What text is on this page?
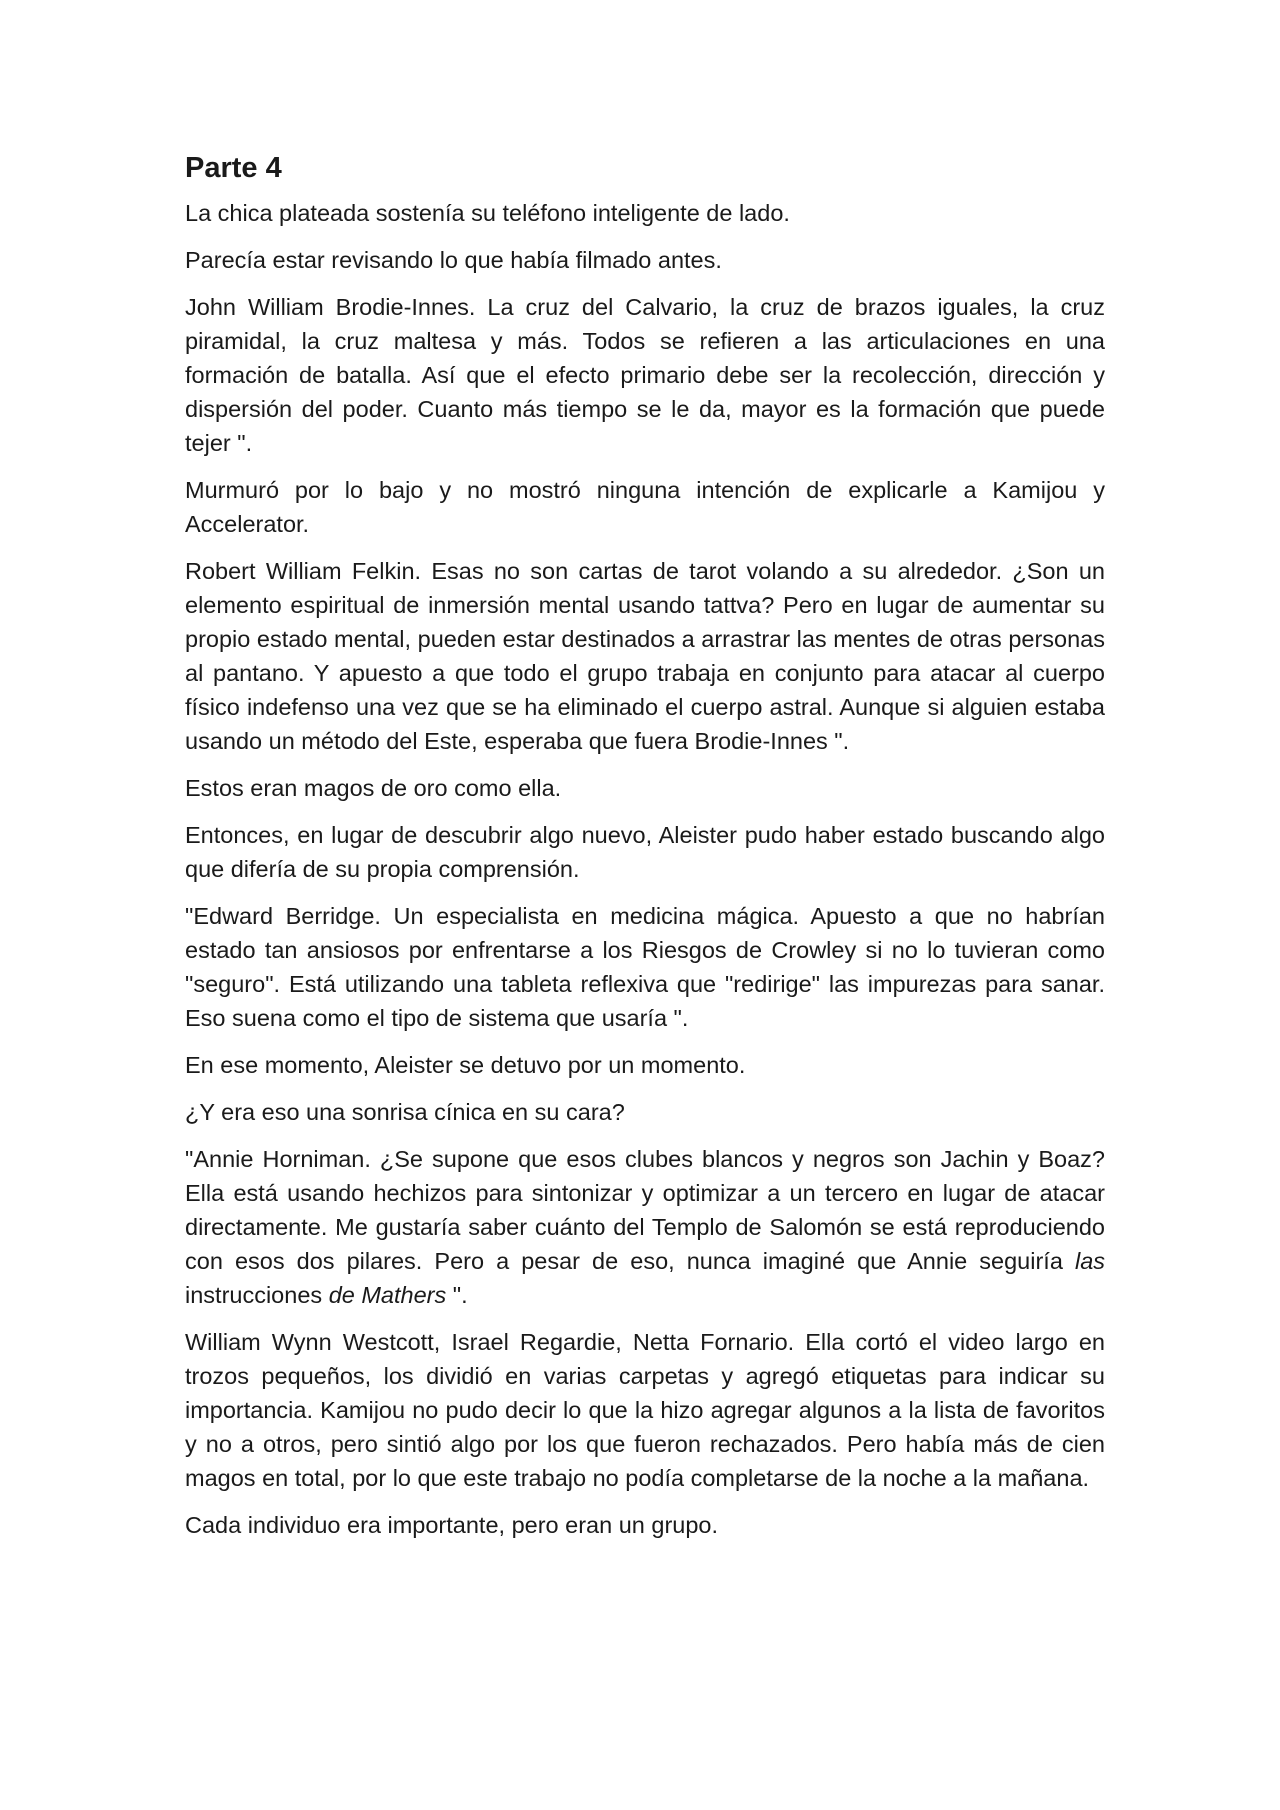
Parte 4

La chica plateada sostenía su teléfono inteligente de lado.

Parecía estar revisando lo que había filmado antes.

John William Brodie-Innes. La cruz del Calvario, la cruz de brazos iguales, la cruz piramidal, la cruz maltesa y más. Todos se refieren a las articulaciones en una formación de batalla. Así que el efecto primario debe ser la recolección, dirección y dispersión del poder. Cuanto más tiempo se le da, mayor es la formación que puede tejer ".

Murmuró por lo bajo y no mostró ninguna intención de explicarle a Kamijou y Accelerator.

Robert William Felkin. Esas no son cartas de tarot volando a su alrededor. ¿Son un elemento espiritual de inmersión mental usando tattva? Pero en lugar de aumentar su propio estado mental, pueden estar destinados a arrastrar las mentes de otras personas al pantano. Y apuesto a que todo el grupo trabaja en conjunto para atacar al cuerpo físico indefenso una vez que se ha eliminado el cuerpo astral. Aunque si alguien estaba usando un método del Este, esperaba que fuera Brodie-Innes ".

Estos eran magos de oro como ella.

Entonces, en lugar de descubrir algo nuevo, Aleister pudo haber estado buscando algo que difería de su propia comprensión.

"Edward Berridge. Un especialista en medicina mágica. Apuesto a que no habrían estado tan ansiosos por enfrentarse a los Riesgos de Crowley si no lo tuvieran como "seguro". Está utilizando una tableta reflexiva que "redirige" las impurezas para sanar. Eso suena como el tipo de sistema que usaría ".

En ese momento, Aleister se detuvo por un momento.

¿Y era eso una sonrisa cínica en su cara?

"Annie Horniman. ¿Se supone que esos clubes blancos y negros son Jachin y Boaz? Ella está usando hechizos para sintonizar y optimizar a un tercero en lugar de atacar directamente. Me gustaría saber cuánto del Templo de Salomón se está reproduciendo con esos dos pilares. Pero a pesar de eso, nunca imaginé que Annie seguiría las instrucciones de Mathers ".

William Wynn Westcott, Israel Regardie, Netta Fornario. Ella cortó el video largo en trozos pequeños, los dividió en varias carpetas y agregó etiquetas para indicar su importancia. Kamijou no pudo decir lo que la hizo agregar algunos a la lista de favoritos y no a otros, pero sintió algo por los que fueron rechazados. Pero había más de cien magos en total, por lo que este trabajo no podía completarse de la noche a la mañana.

Cada individuo era importante, pero eran un grupo.
